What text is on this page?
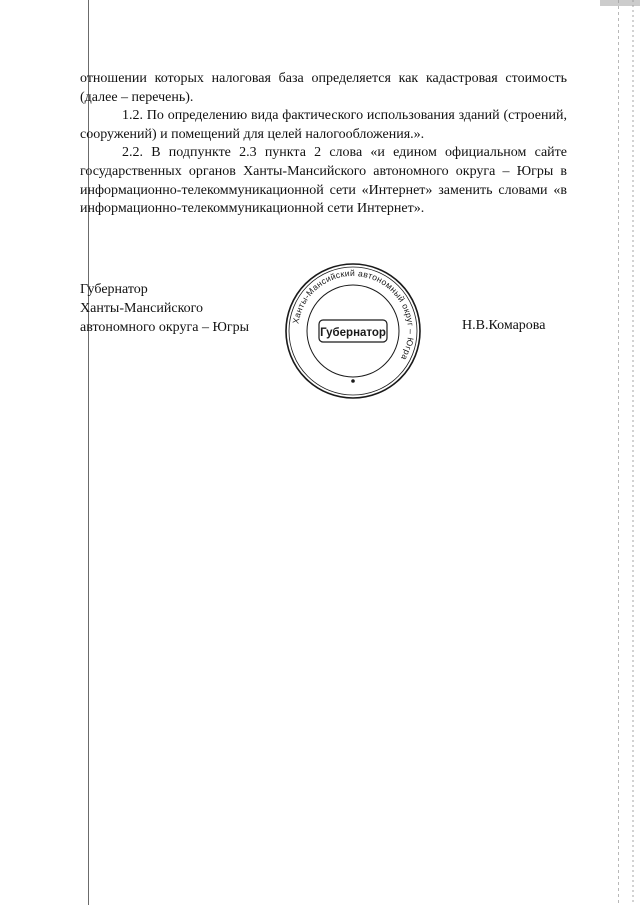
отношении которых налоговая база определяется как кадастровая стоимость (далее – перечень).

1.2. По определению вида фактического использования зданий (строений, сооружений) и помещений для целей налогообложения.».

2.2. В подпункте 2.3 пункта 2 слова «и едином официальном сайте государственных органов Ханты-Мансийского автономного округа – Югры в информационно-телекоммуникационной сети «Интернет» заменить словами «в информационно-телекоммуникационной сети Интернет».

Губернатор
Ханты-Мансийского
автономного округа – Югры	Н.В.Комарова
Ханты-Мансийский автономный округ – Югра
Губернатор
